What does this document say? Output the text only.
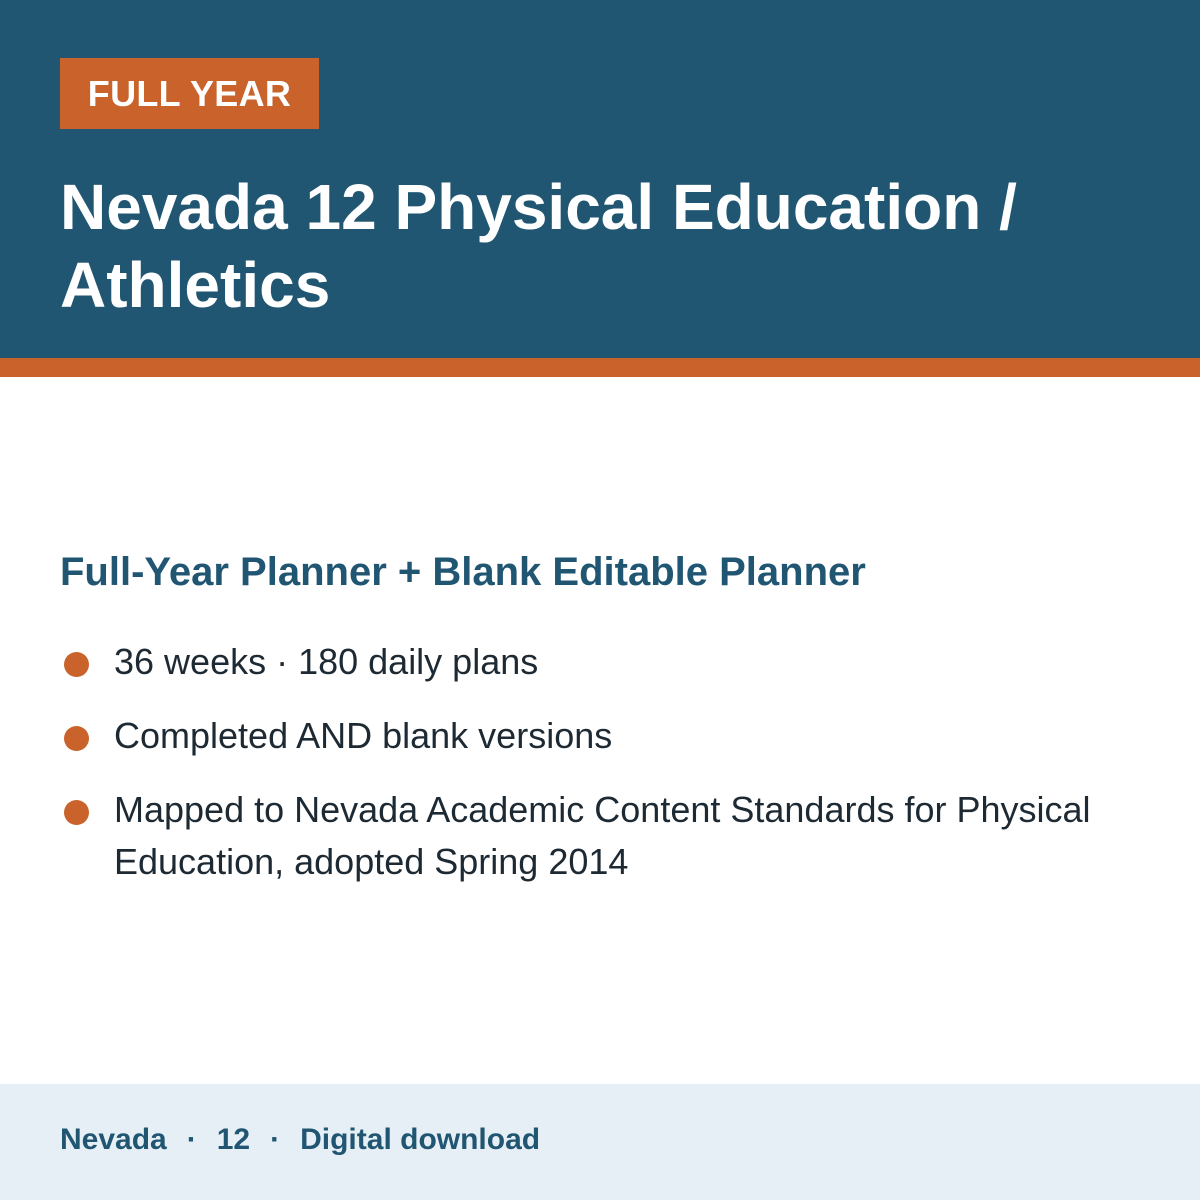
FULL YEAR
Nevada 12 Physical Education / Athletics
Full-Year Planner + Blank Editable Planner
36 weeks · 180 daily plans
Completed AND blank versions
Mapped to Nevada Academic Content Standards for Physical Education, adopted Spring 2014
Nevada · 12 · Digital download
